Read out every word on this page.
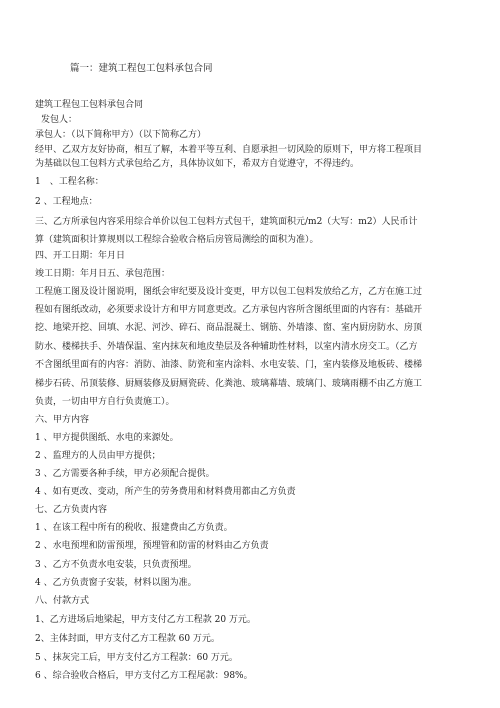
篇一：建筑工程包工包料承包合同
建筑工程包工包料承包合同
发包人：
承包人：（以下简称甲方）（以下简称乙方）
经甲、乙双方友好协商，相互了解，本着平等互利、自愿承担一切风险的原则下，甲方将工程项目
为基础以包工包料方式承包给乙方，具体协议如下，希双方自觉遵守，不得违约。
1　、工程名称：
2 、工程地点：
三、乙方所承包内容采用综合单价以包工包料方式包干，建筑面积元/m2（大写：m2）人民币计
算（建筑面积计算规则以工程综合验收合格后房管局测绘的面积为准）。
四、开工日期：年月日
竣工日期：年月日五、承包范围：
工程施工图及设计图说明，图纸会审纪要及设计变更，甲方以包工包料发放给乙方，乙方在施工过
程如有图纸改动，必须要求设计方和甲方同意更改。乙方承包内容所含图纸里面的内容有：基础开
挖、地梁开挖、回填、水泥、河沙、碎石、商品混凝土、钢筋、外墙漆、窗、室内厨房防水、房顶
防水、楼梯扶手、外墙保温、室内抹灰和地皮垫层及各种辅助性材料，以室内清水房交工。（乙方
不含图纸里面有的内容：消防、油漆、防瓷和室内涂料、水电安装、门，室内装修及地板砖、楼梯
梯步石砖、吊顶装修、厨厕装修及厨厕瓷砖、化粪池、玻璃幕墙、玻璃门、玻璃雨棚不由乙方施工
负责，一切由甲方自行负责施工）。
六、甲方内容
1 、甲方提供图纸、水电的来源处。
2 、监理方的人员由甲方提供；
3 、乙方需要各种手续，甲方必须配合提供。
4 、如有更改、变动，所产生的劳务费用和材料费用都由乙方负责
七、乙方负责内容
1 、在该工程中所有的税收、报建费由乙方负责。
2 、水电预埋和防雷预埋，预埋管和防雷的材料由乙方负责
3 、乙方不负责水电安装，只负责预埋。
4 、乙方负责窗子安装，材料以图为准。
八、付款方式
1、乙方进场后地梁起，甲方支付乙方工程款 20 万元。
2、主体封面，甲方支付乙方工程款 60 万元。
5 、抹灰完工后，甲方支付乙方工程款：60 万元。
6 、综合验收合格后，甲方支付乙方工程尾款：98%。
